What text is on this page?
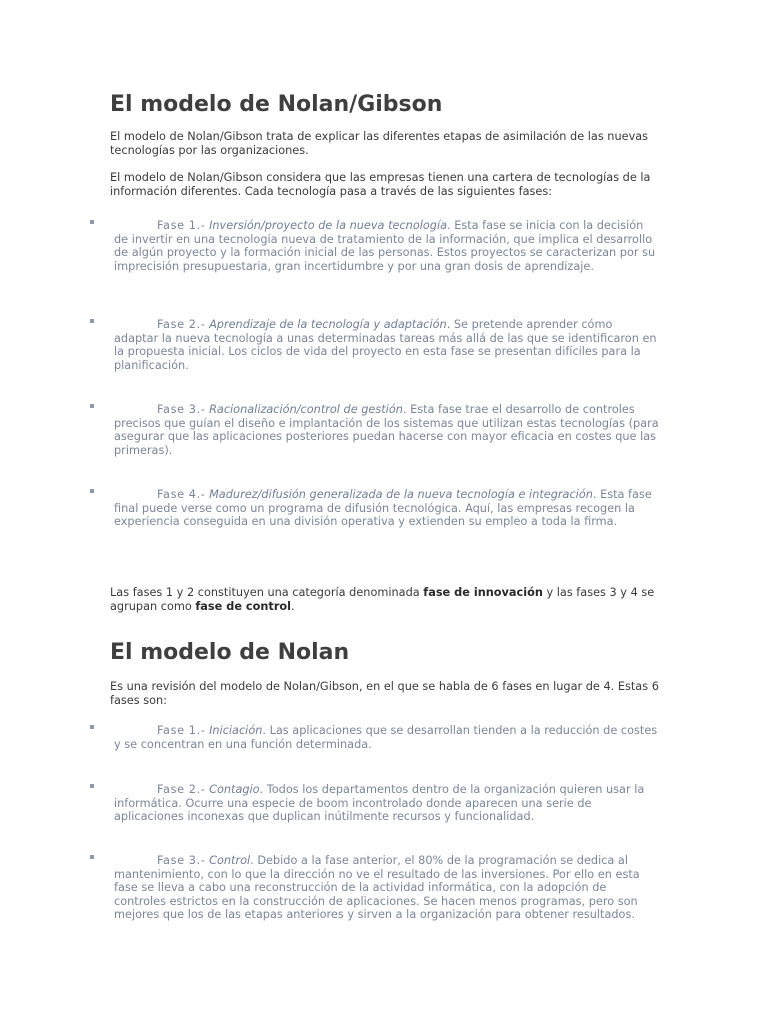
El modelo de Nolan/Gibson

El modelo de Nolan/Gibson trata de explicar las diferentes etapas de asimilación de las nuevas tecnologías por las organizaciones.

El modelo de Nolan/Gibson considera que las empresas tienen una cartera de tecnologías de la información diferentes. Cada tecnología pasa a través de las siguientes fases:

Fase 1.- Inversión/proyecto de la nueva tecnología. Esta fase se inicia con la decisión de invertir en una tecnología nueva de tratamiento de la información, que implica el desarrollo de algún proyecto y la formación inicial de las personas. Estos proyectos se caracterizan por su imprecisión presupuestaria, gran incertidumbre y por una gran dosis de aprendizaje.
Fase 2.- Aprendizaje de la tecnología y adaptación. Se pretende aprender cómo adaptar la nueva tecnología a unas determinadas tareas más allá de las que se identificaron en la propuesta inicial. Los ciclos de vida del proyecto en esta fase se presentan difíciles para la planificación.
Fase 3.- Racionalización/control de gestión. Esta fase trae el desarrollo de controles precisos que guían el diseño e implantación de los sistemas que utilizan estas tecnologías (para asegurar que las aplicaciones posteriores puedan hacerse con mayor eficacia en costes que las primeras).
Fase 4.- Madurez/difusión generalizada de la nueva tecnología e integración. Esta fase final puede verse como un programa de difusión tecnológica. Aquí, las empresas recogen la experiencia conseguida en una división operativa y extienden su empleo a toda la firma.

Las fases 1 y 2 constituyen una categoría denominada fase de innovación y las fases 3 y 4 se agrupan como fase de control.

El modelo de Nolan

Es una revisión del modelo de Nolan/Gibson, en el que se habla de 6 fases en lugar de 4. Estas 6 fases son:

Fase 1.- Iniciación. Las aplicaciones que se desarrollan tienden a la reducción de costes y se concentran en una función determinada.
Fase 2.- Contagio. Todos los departamentos dentro de la organización quieren usar la informática. Ocurre una especie de boom incontrolado donde aparecen una serie de aplicaciones inconexas que duplican inútilmente recursos y funcionalidad.
Fase 3.- Control. Debido a la fase anterior, el 80% de la programación se dedica al mantenimiento, con lo que la dirección no ve el resultado de las inversiones. Por ello en esta fase se lleva a cabo una reconstrucción de la actividad informática, con la adopción de controles estrictos en la construcción de aplicaciones. Se hacen menos programas, pero son mejores que los de las etapas anteriores y sirven a la organización para obtener resultados.
